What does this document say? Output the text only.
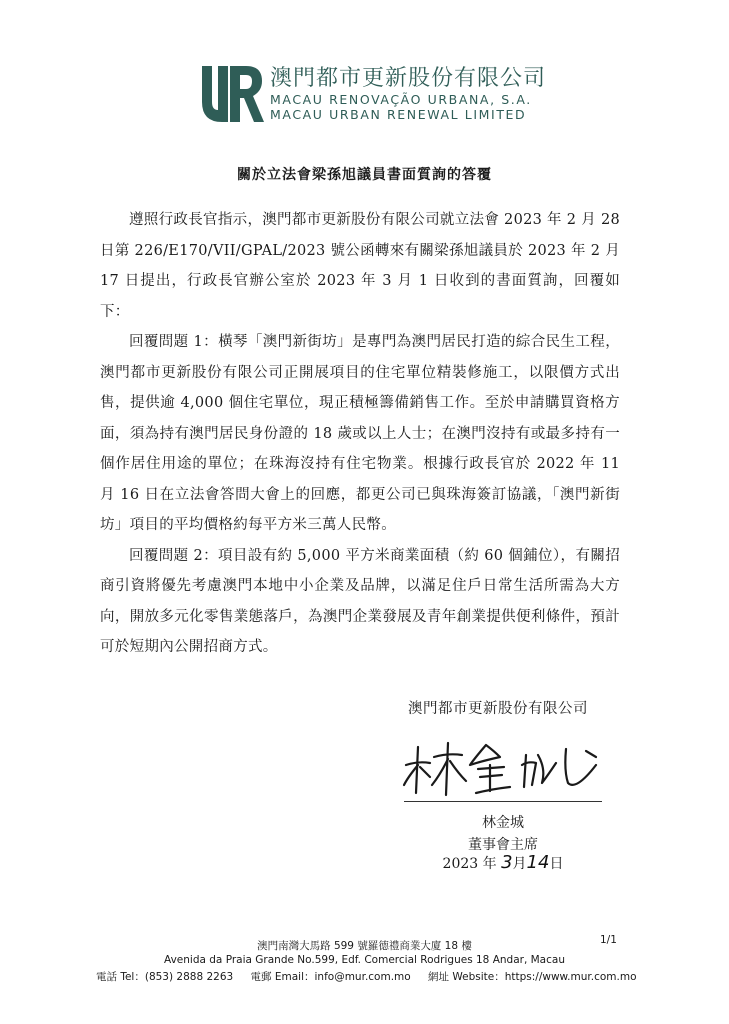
澳門都市更新股份有限公司
MACAU RENOVAÇÃO URBANA, S.A.
MACAU URBAN RENEWAL LIMITED
關於立法會梁孫旭議員書面質詢的答覆

遵照行政長官指示，澳門都市更新股份有限公司就立法會 2023 年 2 月 28 日第 226/E170/VII/GPAL/2023 號公函轉來有關梁孫旭議員於 2023 年 2 月 17 日提出，行政長官辦公室於 2023 年 3 月 1 日收到的書面質詢，回覆如下：

回覆問題 1：橫琴「澳門新街坊」是專門為澳門居民打造的綜合民生工程，澳門都市更新股份有限公司正開展項目的住宅單位精裝修施工，以限價方式出售，提供逾 4,000 個住宅單位，現正積極籌備銷售工作。至於申請購買資格方面，須為持有澳門居民身份證的 18 歲或以上人士；在澳門沒持有或最多持有一個作居住用途的單位；在珠海沒持有住宅物業。根據行政長官於 2022 年 11 月 16 日在立法會答問大會上的回應，都更公司已與珠海簽訂協議，「澳門新街坊」項目的平均價格約每平方米三萬人民幣。

回覆問題 2：項目設有約 5,000 平方米商業面積（約 60 個鋪位），有關招商引資將優先考慮澳門本地中小企業及品牌，以滿足住戶日常生活所需為大方向，開放多元化零售業態落戶，為澳門企業發展及青年創業提供便利條件，預計可於短期內公開招商方式。

澳門都市更新股份有限公司
林金城
董事會主席
2023 年 3月14日
1/1
澳門南灣大馬路 599 號羅德禮商業大廈 18 樓
Avenida da Praia Grande No.599, Edf. Comercial Rodrigues 18 Andar, Macau
電話 Tel：(853) 2888 2263 電郵 Email：info@mur.com.mo 網址 Website：https://www.mur.com.mo
